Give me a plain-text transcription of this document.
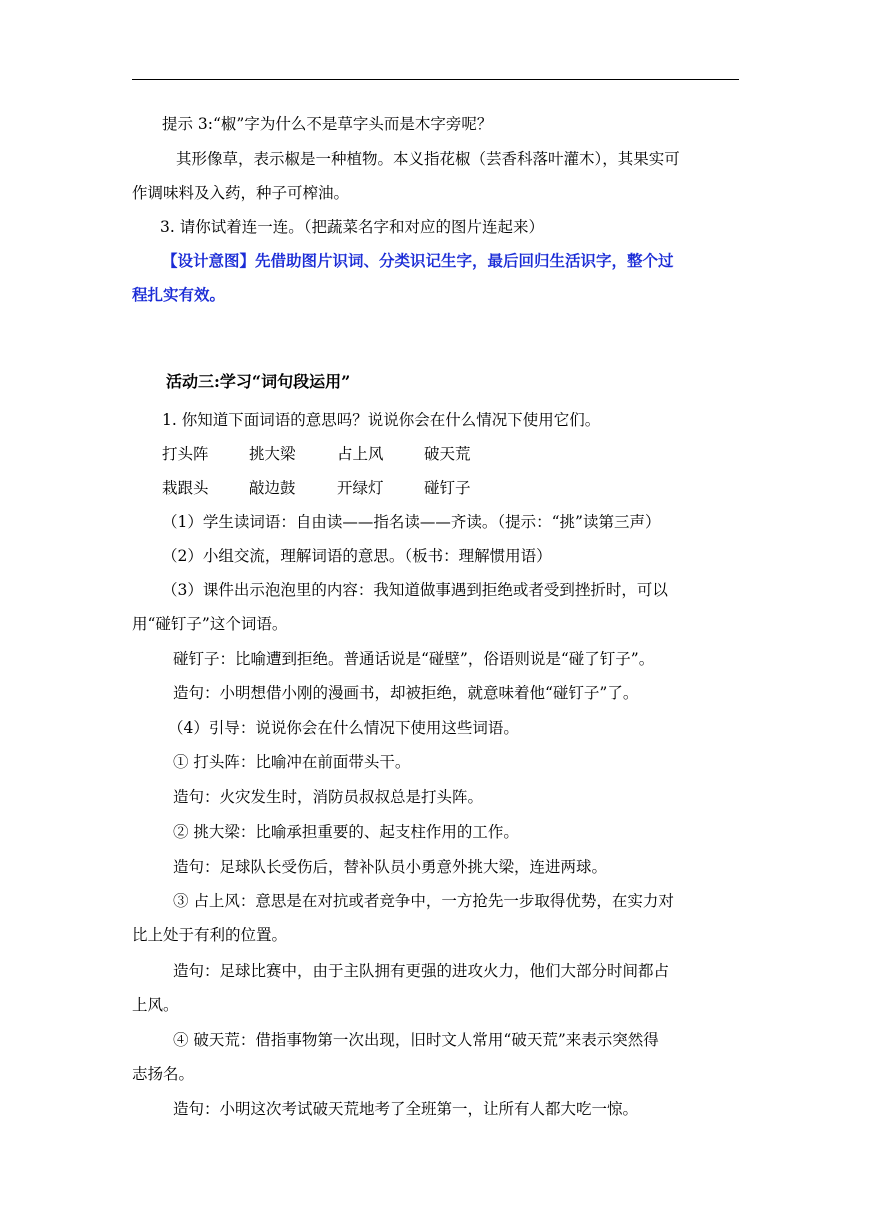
提示 3:“椒”字为什么不是草字头而是木字旁呢？
其形像草，表示椒是一种植物。本义指花椒（芸香科落叶灌木），其果实可
作调味料及入药，种子可榨油。
3. 请你试着连一连。（把蔬菜名字和对应的图片连起来）
【设计意图】先借助图片识词、分类识记生字，最后回归生活识字，整个过
程扎实有效。
活动三:学习“词句段运用”
1. 你知道下面词语的意思吗？说说你会在什么情况下使用它们。
打头阵	挑大梁	占上风	破天荒
栽跟头	敲边鼓	开绿灯	碰钉子
（1）学生读词语：自由读——指名读——齐读。（提示：“挑”读第三声）
（2）小组交流，理解词语的意思。（板书：理解惯用语）
（3）课件出示泡泡里的内容：我知道做事遇到拒绝或者受到挫折时，可以
用“碰钉子”这个词语。
碰钉子：比喻遭到拒绝。普通话说是“碰壁”，俗语则说是“碰了钉子”。
造句：小明想借小刚的漫画书，却被拒绝，就意味着他“碰钉子”了。
（4）引导：说说你会在什么情况下使用这些词语。
① 打头阵：比喻冲在前面带头干。
造句：火灾发生时，消防员叔叔总是打头阵。
② 挑大梁：比喻承担重要的、起支柱作用的工作。
造句：足球队长受伤后，替补队员小勇意外挑大梁，连进两球。
③ 占上风：意思是在对抗或者竞争中，一方抢先一步取得优势，在实力对
比上处于有利的位置。
造句：足球比赛中，由于主队拥有更强的进攻火力，他们大部分时间都占
上风。
④ 破天荒：借指事物第一次出现，旧时文人常用“破天荒”来表示突然得
志扬名。
造句：小明这次考试破天荒地考了全班第一，让所有人都大吃一惊。
